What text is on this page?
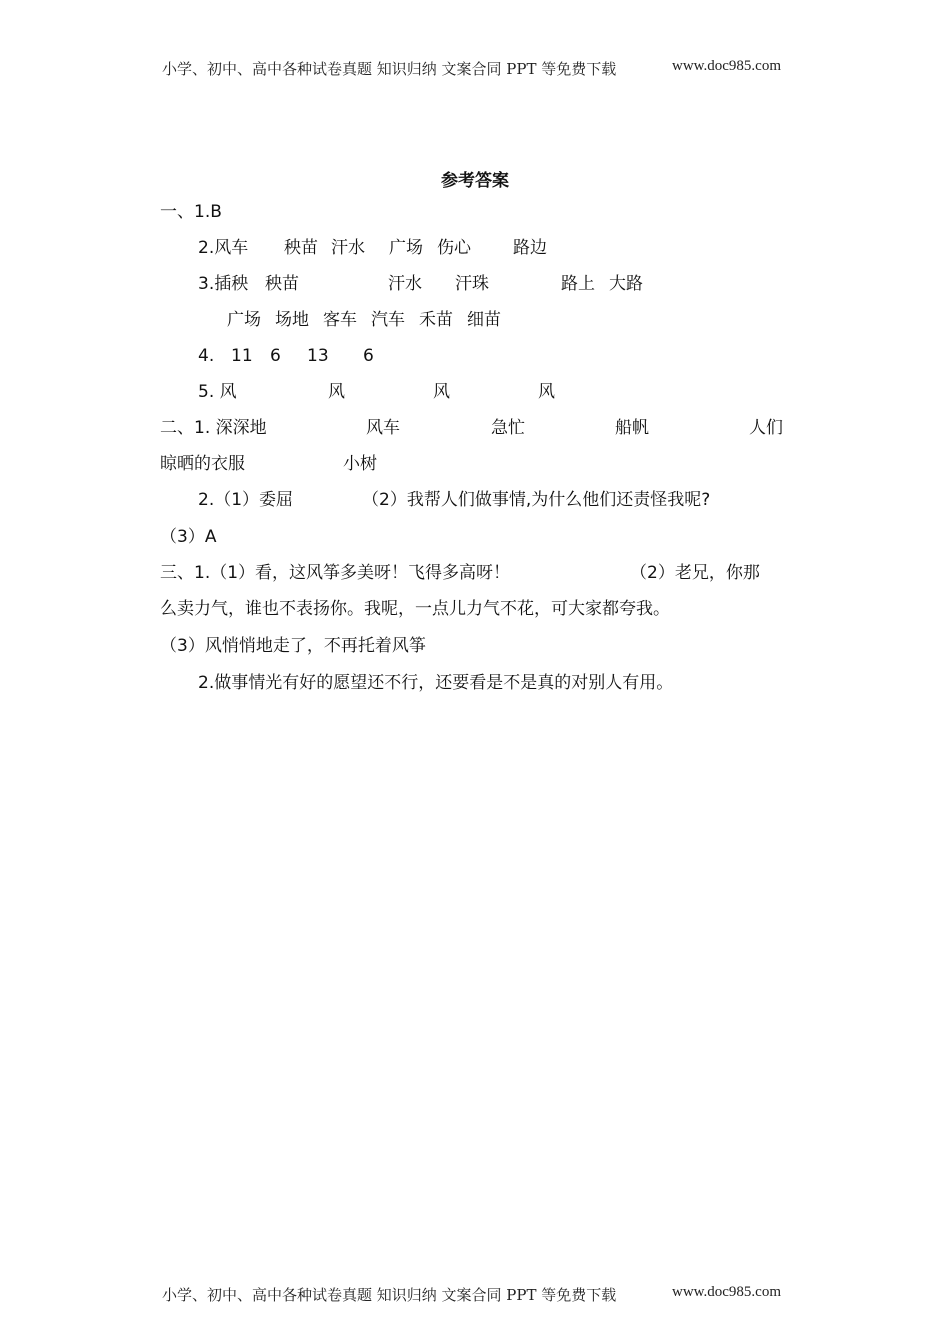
小学、初中、高中各种试卷真题 知识归纳 文案合同 PPT 等免费下载	www.doc985.com
参考答案
一、1.B
2.风车 秧苗 汗水 广场 伤心 路边
3.插秧 秧苗	汗水 汗珠	路上 大路
广场 场地 客车 汽车 禾苗 细苗
4. 11 6 13 6
5. 风	风	风	风
二、1. 深深地	风车	急忙	船帆	人们
晾晒的衣服	小树
2.（1）委屈	（2）我帮人们做事情,为什么他们还责怪我呢?
（3）A
三、1.（1）看，这风筝多美呀！飞得多高呀！	（2）老兄，你那
么卖力气，谁也不表扬你。我呢，一点儿力气不花，可大家都夸我。
（3）风悄悄地走了，不再托着风筝
2.做事情光有好的愿望还不行，还要看是不是真的对别人有用。
小学、初中、高中各种试卷真题 知识归纳 文案合同 PPT 等免费下载	www.doc985.com
